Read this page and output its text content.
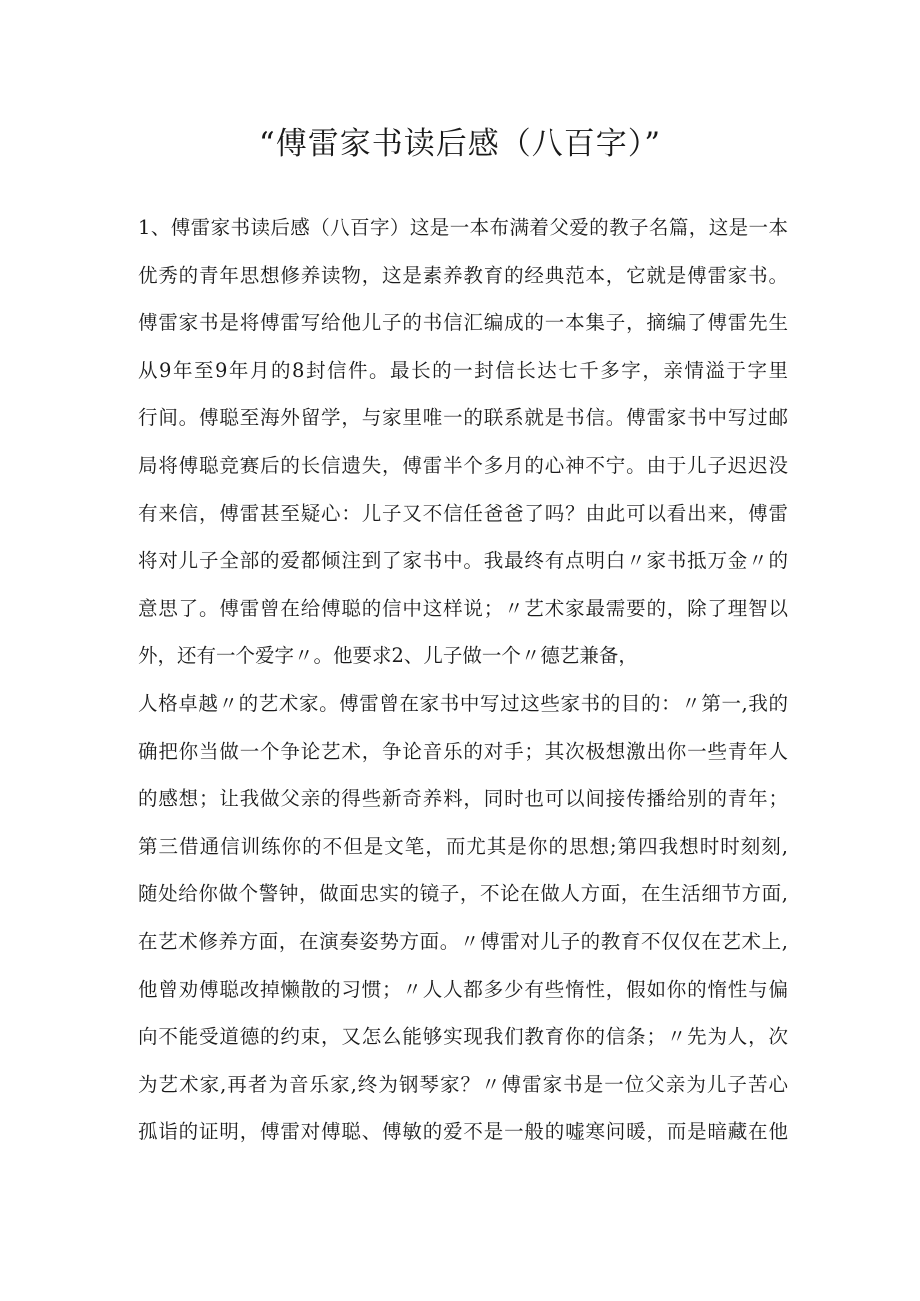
“傅雷家书读后感（八百字）”
1、傅雷家书读后感（八百字）这是一本布满着父爱的教子名篇，这是一本
优秀的青年思想修养读物，这是素养教育的经典范本，它就是傅雷家书。
傅雷家书是将傅雷写给他儿子的书信汇编成的一本集子，摘编了傅雷先生
从9年至9年月的8封信件。最长的一封信长达七千多字，亲情溢于字里
行间。傅聪至海外留学，与家里唯一的联系就是书信。傅雷家书中写过邮
局将傅聪竞赛后的长信遗失，傅雷半个多月的心神不宁。由于儿子迟迟没
有来信，傅雷甚至疑心：儿子又不信任爸爸了吗？由此可以看出来，傅雷
将对儿子全部的爱都倾注到了家书中。我最终有点明白〃家书抵万金〃的
意思了。傅雷曾在给傅聪的信中这样说；〃艺术家最需要的，除了理智以
外，还有一个爱字〃。他要求2、儿子做一个〃德艺兼备，
人格卓越〃的艺术家。傅雷曾在家书中写过这些家书的目的：〃第一,我的
确把你当做一个争论艺术，争论音乐的对手；其次极想激出你一些青年人
的感想；让我做父亲的得些新奇养料，同时也可以间接传播给别的青年；
第三借通信训练你的不但是文笔，而尤其是你的思想;第四我想时时刻刻,
随处给你做个警钟，做面忠实的镜子，不论在做人方面，在生活细节方面,
在艺术修养方面，在演奏姿势方面。〃傅雷对儿子的教育不仅仅在艺术上,
他曾劝傅聪改掉懒散的习惯；〃人人都多少有些惰性，假如你的惰性与偏
向不能受道德的约束，又怎么能够实现我们教育你的信条；〃先为人，次
为艺术家,再者为音乐家,终为钢琴家？〃傅雷家书是一位父亲为儿子苦心
孤诣的证明，傅雷对傅聪、傅敏的爱不是一般的嘘寒问暖，而是暗藏在他
